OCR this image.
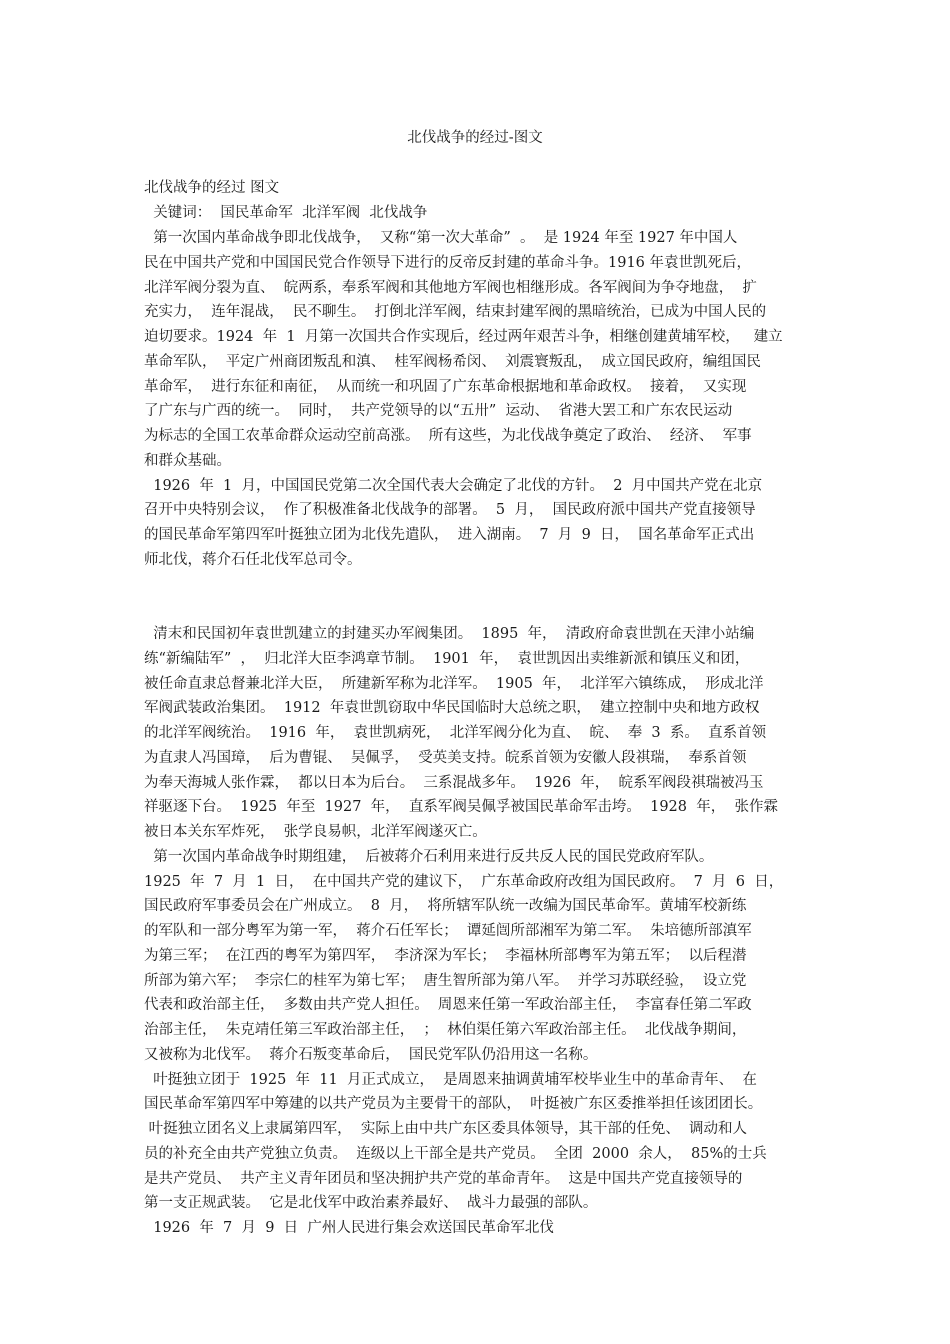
北伐战争的经过-图文
北伐战争的经过 图文
关键词：  国民革命军  北洋军阀  北伐战争
第一次国内革命战争即北伐战争，  又称“第一次大革命”  。  是 1924 年至 1927 年中国人
民在中国共产党和中国国民党合作领导下进行的反帝反封建的革命斗争。1916 年袁世凯死后，
北洋军阀分裂为直、  皖两系，奉系军阀和其他地方军阀也相继形成。各军阀间为争夺地盘，  扩
充实力，  连年混战，  民不聊生。  打倒北洋军阀，结束封建军阀的黑暗统治，已成为中国人民的
迫切要求。1924  年  1  月第一次国共合作实现后，经过两年艰苦斗争，相继创建黄埔军校，   建立
革命军队，  平定广州商团叛乱和滇、  桂军阀杨希闵、  刘震寰叛乱，  成立国民政府，编组国民
革命军，  进行东征和南征，  从而统一和巩固了广东革命根据地和革命政权。  接着，  又实现
了广东与广西的统一。  同时，  共产党领导的以“五卅”  运动、  省港大罢工和广东农民运动
为标志的全国工农革命群众运动空前高涨。  所有这些，为北伐战争奠定了政治、  经济、  军事
和群众基础。
1926  年  1  月，中国国民党第二次全国代表大会确定了北伐的方针。  2  月中国共产党在北京
召开中央特别会议，  作了积极准备北伐战争的部署。  5  月，  国民政府派中国共产党直接领导
的国民革命军第四军叶挺独立团为北伐先遣队，  进入湖南。  7  月  9  日，  国名革命军正式出
师北伐，蒋介石任北伐军总司令。
清末和民国初年袁世凯建立的封建买办军阀集团。  1895  年，  清政府命袁世凯在天津小站编
练“新编陆军”  ，  归北洋大臣李鸿章节制。  1901  年，  袁世凯因出卖维新派和镇压义和团，
被任命直隶总督兼北洋大臣，  所建新军称为北洋军。  1905  年，  北洋军六镇练成，  形成北洋
军阀武装政治集团。  1912  年袁世凯窃取中华民国临时大总统之职，  建立控制中央和地方政权
的北洋军阀统治。  1916  年，  袁世凯病死，  北洋军阀分化为直、  皖、  奉  3  系。  直系首领
为直隶人冯国璋，  后为曹锟、  吴佩孚，  受英美支持。皖系首领为安徽人段祺瑞，  奉系首领
为奉天海城人张作霖，  都以日本为后台。  三系混战多年。  1926  年，  皖系军阀段祺瑞被冯玉
祥驱逐下台。  1925  年至  1927  年，  直系军阀吴佩孚被国民革命军击垮。  1928  年，  张作霖
被日本关东军炸死，  张学良易帜，北洋军阀遂灭亡。
第一次国内革命战争时期组建，  后被蒋介石利用来进行反共反人民的国民党政府军队。
1925  年  7  月  1  日，  在中国共产党的建议下，  广东革命政府改组为国民政府。  7  月  6  日，
国民政府军事委员会在广州成立。  8  月，  将所辖军队统一改编为国民革命军。黄埔军校新练
的军队和一部分粤军为第一军，  蒋介石任军长；  谭延闿所部湘军为第二军。  朱培德所部滇军
为第三军；  在江西的粤军为第四军，  李济深为军长；  李福林所部粤军为第五军；  以后程潜
所部为第六军；  李宗仁的桂军为第七军；  唐生智所部为第八军。  并学习苏联经验，  设立党
代表和政治部主任，  多数由共产党人担任。  周恩来任第一军政治部主任，  李富春任第二军政
治部主任，  朱克靖任第三军政治部主任，  ；  林伯渠任第六军政治部主任。  北伐战争期间，
又被称为北伐军。  蒋介石叛变革命后，  国民党军队仍沿用这一名称。
叶挺独立团于  1925  年  11  月正式成立，  是周恩来抽调黄埔军校毕业生中的革命青年、  在
国民革命军第四军中筹建的以共产党员为主要骨干的部队，  叶挺被广东区委推举担任该团团长。
叶挺独立团名义上隶属第四军，  实际上由中共广东区委具体领导，其干部的任免、  调动和人
员的补充全由共产党独立负责。  连级以上干部全是共产党员。  全团  2000  余人，  85%的士兵
是共产党员、  共产主义青年团员和坚决拥护共产党的革命青年。  这是中国共产党直接领导的
第一支正规武装。  它是北伐军中政治素养最好、  战斗力最强的部队。
1926  年  7  月  9  日  广州人民进行集会欢送国民革命军北伐
